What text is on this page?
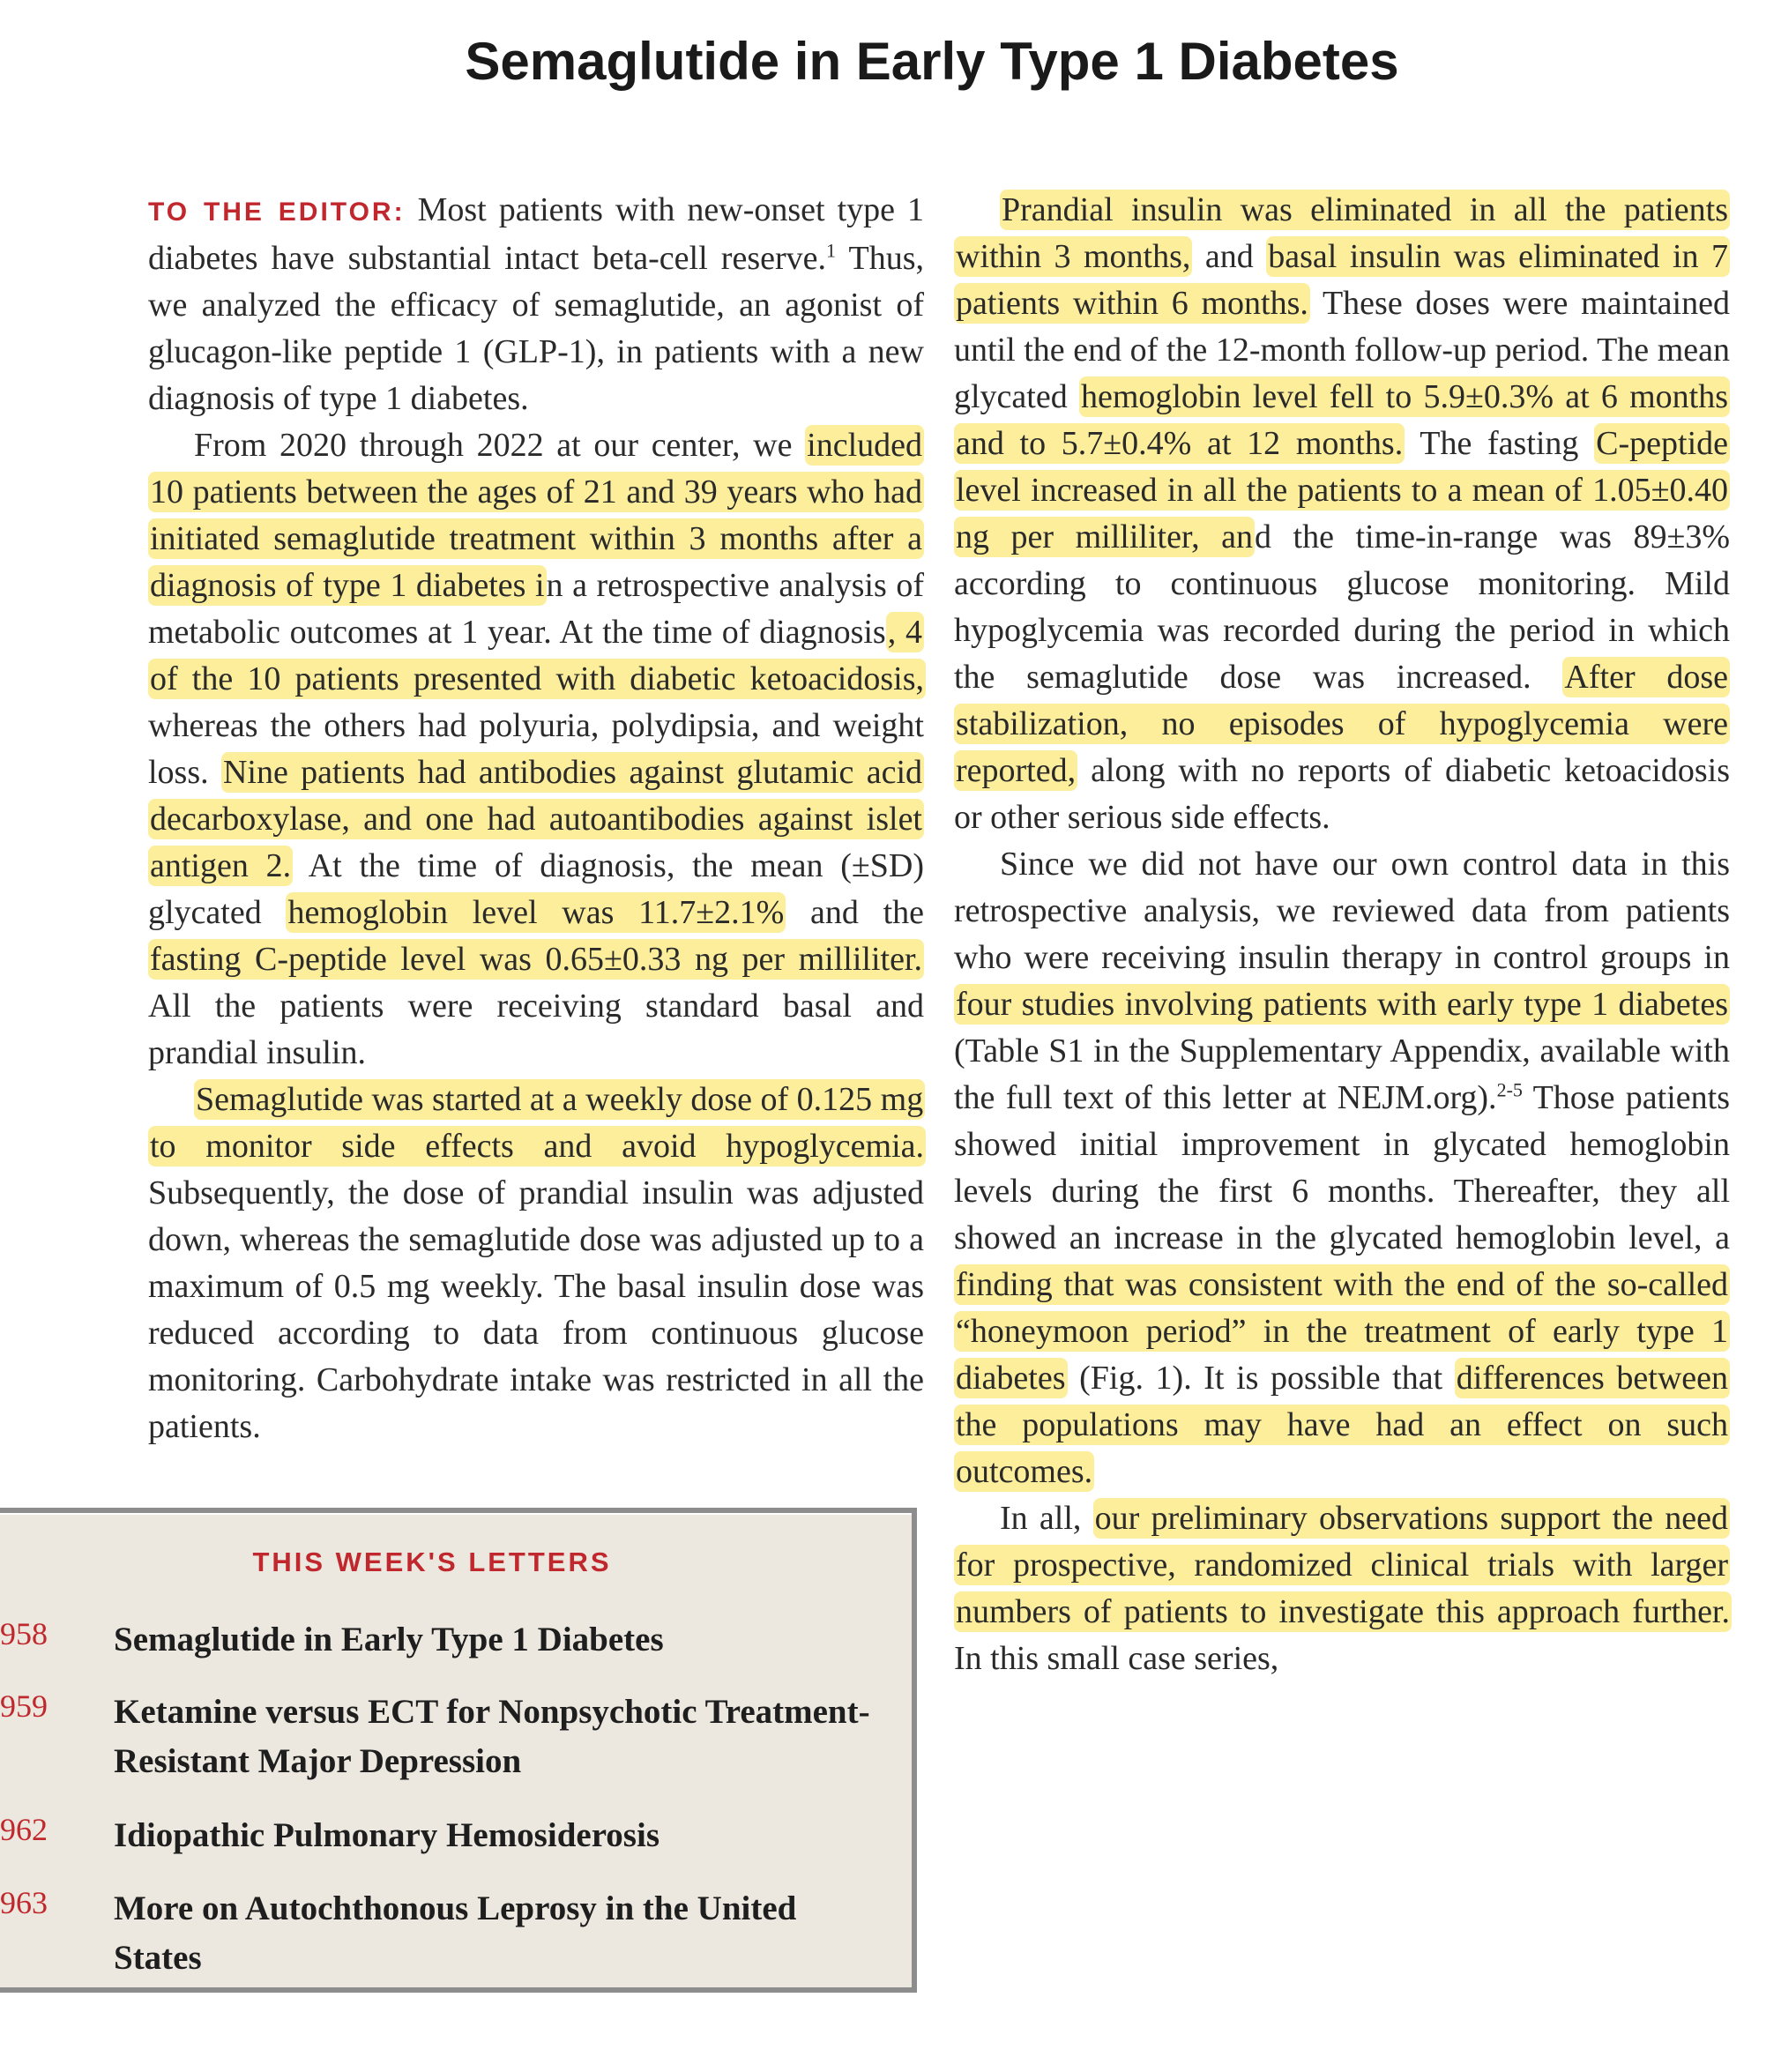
Semaglutide in Early Type 1 Diabetes

TO THE EDITOR: Most patients with new-onset type 1 diabetes have substantial intact beta-cell reserve.$^1$ Thus, we analyzed the efficacy of semaglutide, an agonist of glucagon-like peptide 1 (GLP-1), in patients with a new diagnosis of type 1 diabetes.

From 2020 through 2022 at our center, we included 10 patients between the ages of 21 and 39 years who had initiated semaglutide treatment within 3 months after a diagnosis of type 1 diabetes in a retrospective analysis of metabolic outcomes at 1 year. At the time of diagnosis, 4 of the 10 patients presented with diabetic ketoacidosis, whereas the others had polyuria, polydipsia, and weight loss. Nine patients had antibodies against glutamic acid decarboxylase, and one had autoantibodies against islet antigen 2. At the time of diagnosis, the mean (±SD) glycated hemoglobin level was 11.7±2.1% and the fasting C-peptide level was 0.65±0.33 ng per milliliter. All the patients were receiving standard basal and prandial insulin.

Semaglutide was started at a weekly dose of 0.125 mg to monitor side effects and avoid hypoglycemia. Subsequently, the dose of prandial insulin was adjusted down, whereas the semaglutide dose was adjusted up to a maximum of 0.5 mg weekly. The basal insulin dose was reduced according to data from continuous glucose monitoring. Carbohydrate intake was restricted in all the patients.

Prandial insulin was eliminated in all the patients within 3 months, and basal insulin was eliminated in 7 patients within 6 months. These doses were maintained until the end of the 12-month follow-up period. The mean glycated hemoglobin level fell to 5.9±0.3% at 6 months and to 5.7±0.4% at 12 months. The fasting C-peptide level increased in all the patients to a mean of 1.05±0.40 ng per milliliter, and the time-in-range was 89±3% according to continuous glucose monitoring. Mild hypoglycemia was recorded during the period in which the semaglutide dose was increased. After dose stabilization, no episodes of hypoglycemia were reported, along with no reports of diabetic ketoacidosis or other serious side effects.

Since we did not have our own control data in this retrospective analysis, we reviewed data from patients who were receiving insulin therapy in control groups in four studies involving patients with early type 1 diabetes (Table S1 in the Supplementary Appendix, available with the full text of this letter at NEJM.org).$^{2-5}$ Those patients showed initial improvement in glycated hemoglobin levels during the first 6 months. Thereafter, they all showed an increase in the glycated hemoglobin level, a finding that was consistent with the end of the so-called “honeymoon period” in the treatment of early type 1 diabetes (Fig. 1). It is possible that differences between the populations may have had an effect on such outcomes.

In all, our preliminary observations support the need for prospective, randomized clinical trials with larger numbers of patients to investigate this approach further. In this small case series,

THIS WEEK'S LETTERS
958 Semaglutide in Early Type 1 Diabetes
959 Ketamine versus ECT for Nonpsychotic Treatment-Resistant Major Depression
962 Idiopathic Pulmonary Hemosiderosis
963 More on Autochthonous Leprosy in the United States
